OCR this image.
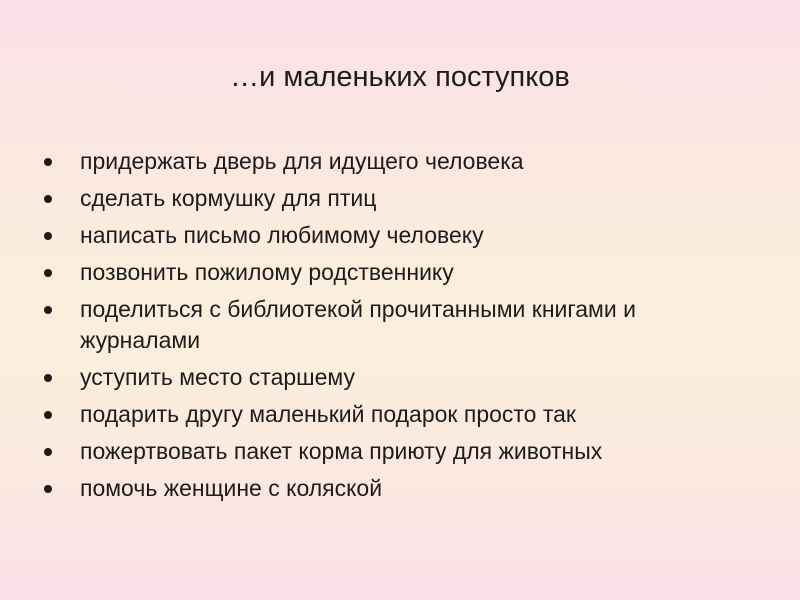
…и маленьких поступков
придержать дверь для идущего человека
сделать кормушку для птиц
написать письмо любимому человеку
позвонить пожилому родственнику
поделиться с библиотекой прочитанными книгами и журналами
уступить место старшему
подарить другу маленький подарок просто так
пожертвовать пакет корма приюту для животных
помочь женщине с коляской
